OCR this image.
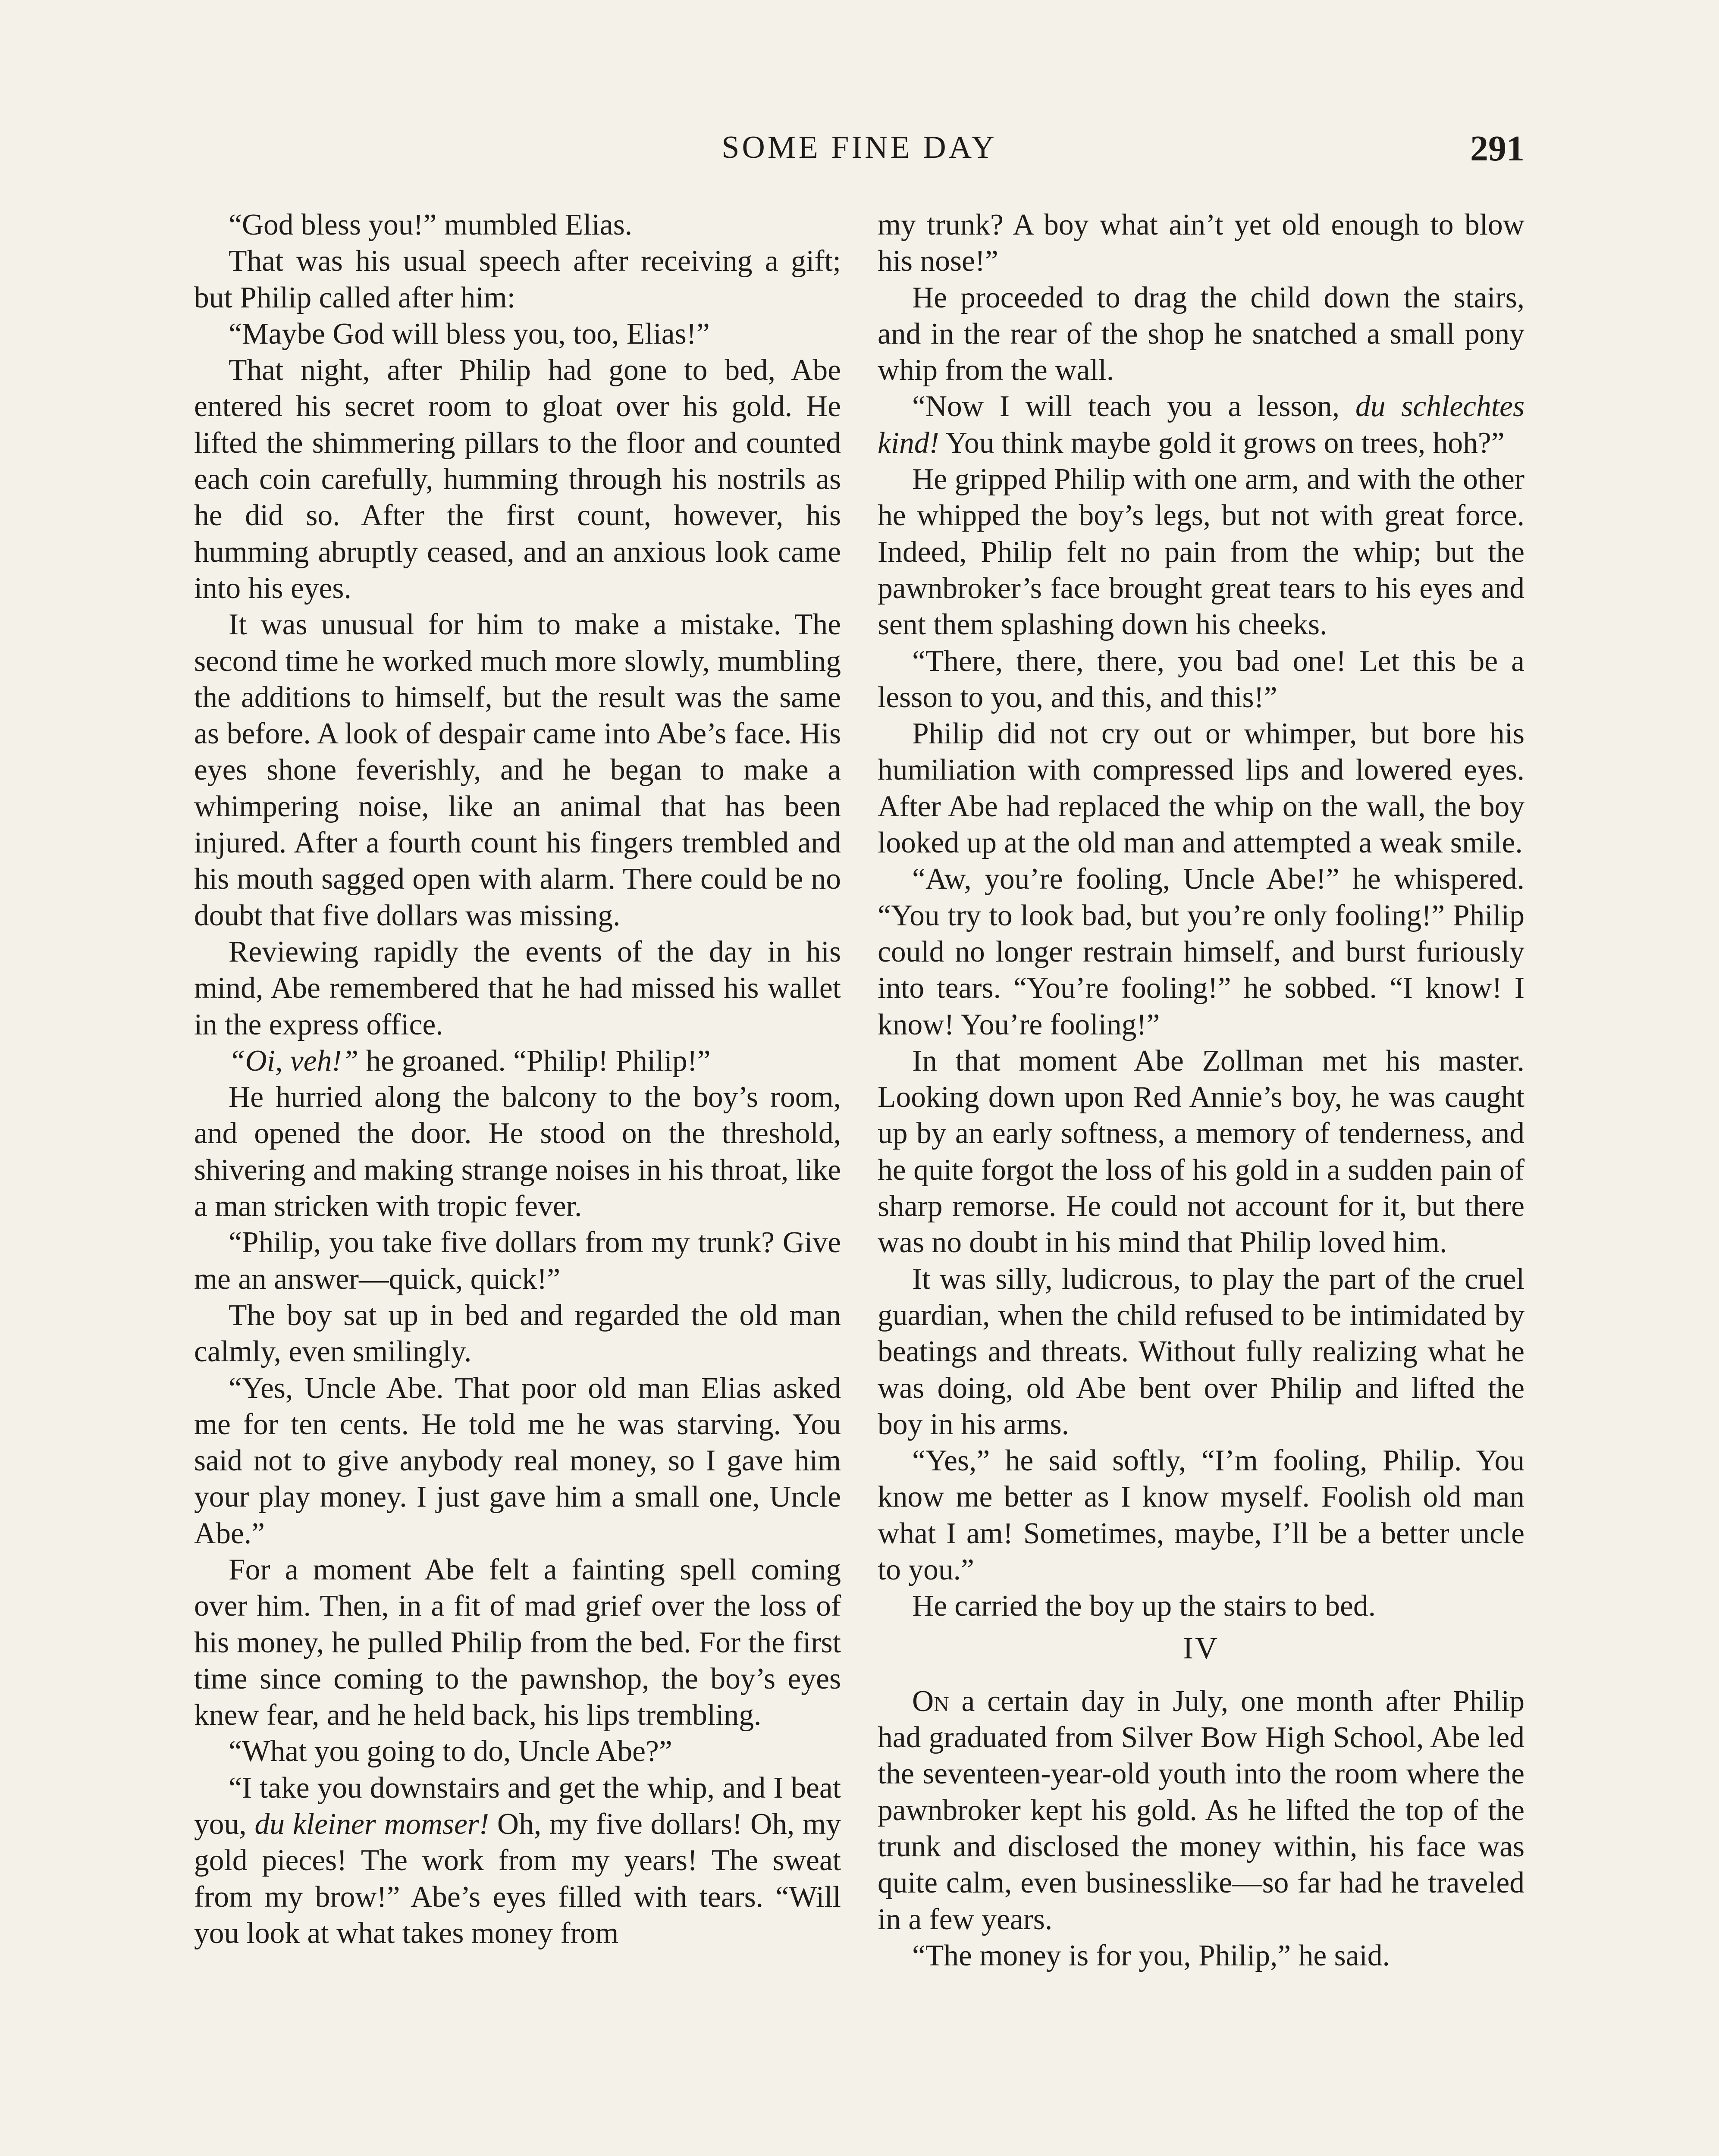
SOME FINE DAY	291

“God bless you!” mumbled Elias.

That was his usual speech after receiving a gift; but Philip called after him:

“Maybe God will bless you, too, Elias!”

That night, after Philip had gone to bed, Abe entered his secret room to gloat over his gold. He lifted the shimmering pillars to the floor and counted each coin carefully, humming through his nostrils as he did so. After the first count, however, his humming abruptly ceased, and an anxious look came into his eyes.

It was unusual for him to make a mistake. The second time he worked much more slowly, mumbling the additions to himself, but the result was the same as before. A look of despair came into Abe’s face. His eyes shone feverishly, and he began to make a whimpering noise, like an animal that has been injured. After a fourth count his fingers trembled and his mouth sagged open with alarm. There could be no doubt that five dollars was missing.

Reviewing rapidly the events of the day in his mind, Abe remembered that he had missed his wallet in the express office.

“Oi, veh!” he groaned. “Philip! Philip!”

He hurried along the balcony to the boy’s room, and opened the door. He stood on the threshold, shivering and making strange noises in his throat, like a man stricken with tropic fever.

“Philip, you take five dollars from my trunk? Give me an answer—quick, quick!”

The boy sat up in bed and regarded the old man calmly, even smilingly.

“Yes, Uncle Abe. That poor old man Elias asked me for ten cents. He told me he was starving. You said not to give anybody real money, so I gave him your play money. I just gave him a small one, Uncle Abe.”

For a moment Abe felt a fainting spell coming over him. Then, in a fit of mad grief over the loss of his money, he pulled Philip from the bed. For the first time since coming to the pawnshop, the boy’s eyes knew fear, and he held back, his lips trembling.

“What you going to do, Uncle Abe?”

“I take you downstairs and get the whip, and I beat you, du kleiner momser! Oh, my five dollars! Oh, my gold pieces! The work from my years! The sweat from my brow!” Abe’s eyes filled with tears. “Will you look at what takes money from

my trunk? A boy what ain’t yet old enough to blow his nose!”

He proceeded to drag the child down the stairs, and in the rear of the shop he snatched a small pony whip from the wall.

“Now I will teach you a lesson, du schlechtes kind! You think maybe gold it grows on trees, hoh?”

He gripped Philip with one arm, and with the other he whipped the boy’s legs, but not with great force. Indeed, Philip felt no pain from the whip; but the pawnbroker’s face brought great tears to his eyes and sent them splashing down his cheeks.

“There, there, there, you bad one! Let this be a lesson to you, and this, and this!”

Philip did not cry out or whimper, but bore his humiliation with compressed lips and lowered eyes. After Abe had replaced the whip on the wall, the boy looked up at the old man and attempted a weak smile.

“Aw, you’re fooling, Uncle Abe!” he whispered. “You try to look bad, but you’re only fooling!” Philip could no longer restrain himself, and burst furiously into tears. “You’re fooling!” he sobbed. “I know! I know! You’re fooling!”

In that moment Abe Zollman met his master. Looking down upon Red Annie’s boy, he was caught up by an early softness, a memory of tenderness, and he quite forgot the loss of his gold in a sudden pain of sharp remorse. He could not account for it, but there was no doubt in his mind that Philip loved him.

It was silly, ludicrous, to play the part of the cruel guardian, when the child refused to be intimidated by beatings and threats. Without fully realizing what he was doing, old Abe bent over Philip and lifted the boy in his arms.

“Yes,” he said softly, “I’m fooling, Philip. You know me better as I know myself. Foolish old man what I am! Sometimes, maybe, I’ll be a better uncle to you.”

He carried the boy up the stairs to bed.

IV

On a certain day in July, one month after Philip had graduated from Silver Bow High School, Abe led the seventeen-year-old youth into the room where the pawnbroker kept his gold. As he lifted the top of the trunk and disclosed the money within, his face was quite calm, even businesslike—so far had he traveled in a few years.

“The money is for you, Philip,” he said.
